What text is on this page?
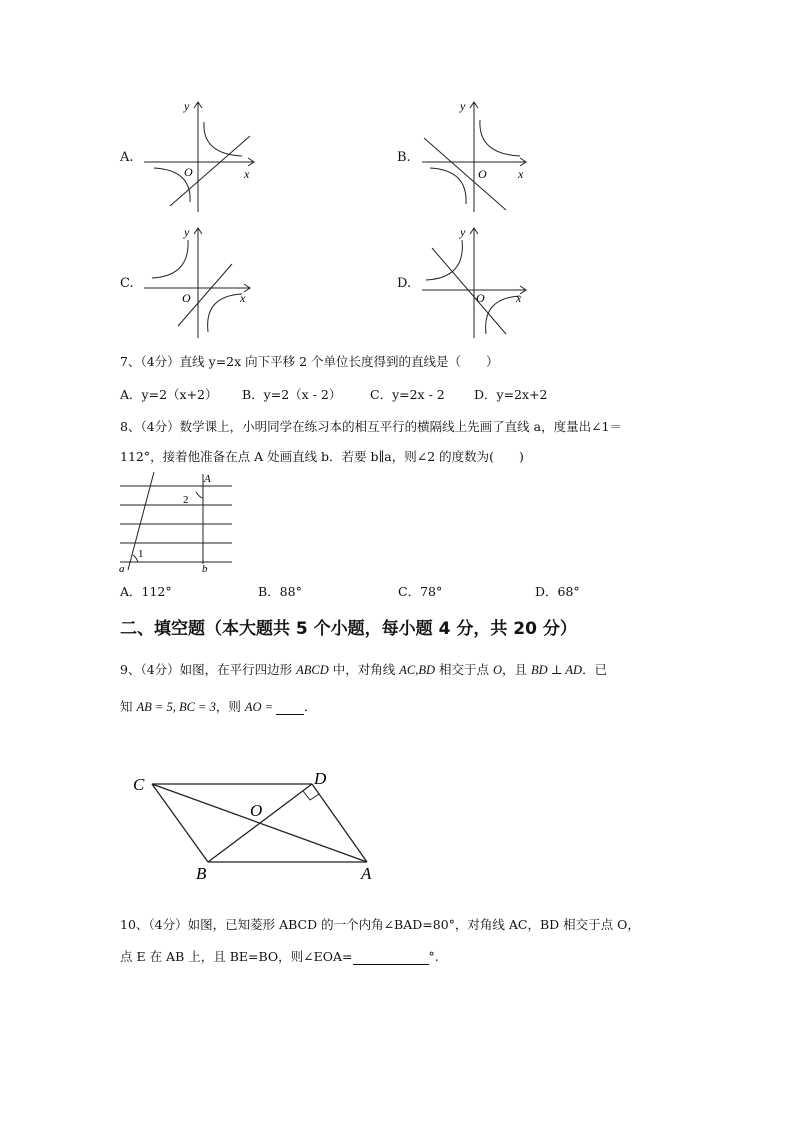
A.
y
x
O
B.
y
x
O
C.
y
x
O
D.
y
x
O
7、（4分）直线 y=2x 向下平移 2 个单位长度得到的直线是（　　）
A．y=2（x+2） B．y=2（x - 2） C．y=2x - 2 D．y=2x+2
8、（4分）数学课上，小明同学在练习本的相互平行的横隔线上先画了直线 a，度量出∠1＝
112°，接着他准备在点 A 处画直线 b．若要 b∥a，则∠2 的度数为(　　)
A
2
1
a	b
A．112°	B．88°	C．78°	D．68°
二、填空题（本大题共 5 个小题，每小题 4 分，共 20 分）
9、（4分）如图，在平行四边形 ABCD 中，对角线 AC,BD 相交于点 O，且 BD ⊥ AD．已
知 AB = 5, BC = 3，则 AO = ．
C	D
O
B	A
10、（4分）如图，已知菱形 ABCD 的一个内角∠BAD=80°，对角线 AC，BD 相交于点 O，
点 E 在 AB 上，且 BE=BO，则∠EOA=	°.
